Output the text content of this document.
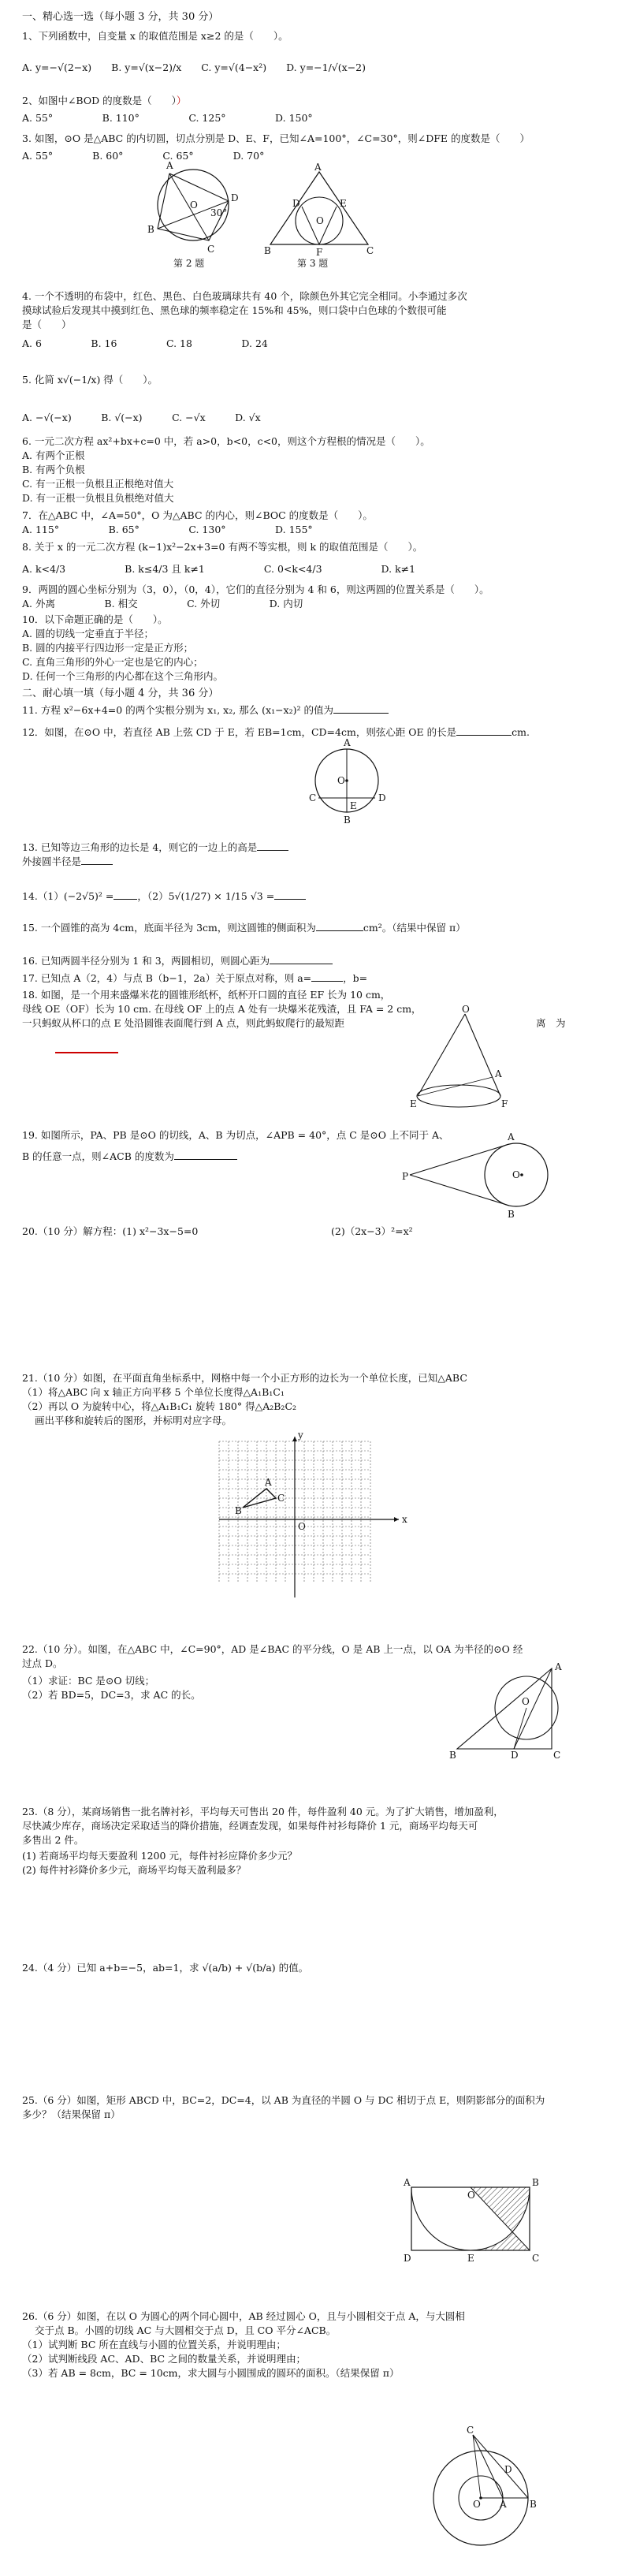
一、精心选一选（每小题 3 分，共 30 分）
1、下列函数中，自变量 x 的取值范围是 x≥2 的是（　　）。
A. y=−√(2−x)　　B. y=√(x−2)/x　　C. y=√(4−x²)　　D. y=−1/√(x−2)
2、如图中∠BOD 的度数是（　　））
A. 55°　　　　　B. 110°　　　　　C. 125°　　　　　D. 150°
3. 如图，⊙O 是△ABC 的内切圆，切点分别是 D、E、F，已知∠A=100°，∠C=30°，则∠DFE 的度数是（　　）
A. 55°　　　　B. 60°　　　　C. 65°　　　　D. 70°
A
B
C
D
O
30°
第 2 题
A
B	C
D	E
F
O
第 3 题
4. 一个不透明的布袋中，红色、黑色、白色玻璃球共有 40 个，除颜色外其它完全相同。小李通过多次
摸球试验后发现其中摸到红色、黑色球的频率稳定在 15%和 45%，则口袋中白色球的个数很可能
是（　　）
A. 6　　　　　B. 16　　　　　C. 18　　　　　D. 24
5. 化简 x√(−1/x) 得（　　）。
A. −√(−x)　　　B. √(−x)　　　C. −√x　　　D. √x
6. 一元二次方程 ax²+bx+c=0 中，若 a>0，b<0，c<0，则这个方程根的情况是（　　）。
A. 有两个正根
B. 有两个负根
C. 有一正根一负根且正根绝对值大
D. 有一正根一负根且负根绝对值大
7．在△ABC 中，∠A=50°，O 为△ABC 的内心，则∠BOC 的度数是（　　）。
A. 115°　　　　　B. 65°　　　　　C. 130°　　　　　D. 155°
8. 关于 x 的一元二次方程 (k−1)x²−2x+3=0 有两不等实根，则 k 的取值范围是（　　）。
A. k<4/3　　　　　　B. k≤4/3 且 k≠1　　　　　　C. 0<k<4/3　　　　　　D. k≠1
9．两圆的圆心坐标分别为（3，0），（0，4），它们的直径分别为 4 和 6，则这两圆的位置关系是（　　）。
A. 外离　　　　　B. 相交　　　　　C. 外切　　　　　D. 内切
10．以下命题正确的是（　　）。
A. 圆的切线一定垂直于半径；
B. 圆的内接平行四边形一定是正方形；
C. 直角三角形的外心一定也是它的内心；
D. 任何一个三角形的内心都在这个三角形内。
二、耐心填一填（每小题 4 分，共 36 分）
11. 方程 x²−6x+4=0 的两个实根分别为 x₁, x₂, 那么 (x₁−x₂)² 的值为
12．如图，在⊙O 中，若直径 AB 上弦 CD 于 E，若 EB=1cm，CD=4cm，则弦心距 OE 的长是	cm.
A
B
C	D
O
E
13. 已知等边三角形的边长是 4，则它的一边上的高是
外接圆半径是
14.（1）(−2√5)² = ，（2）5√(1/27) × 1/15 √3 =
15. 一个圆锥的高为 4cm，底面半径为 3cm，则这圆锥的侧面积为	cm²。（结果中保留 π）
16. 已知两圆半径分别为 1 和 3，两圆相切，则圆心距为
17. 已知点 A（2，4）与点 B（b−1，2a）关于原点对称，则 a=	，b=
18. 如图，是一个用来盛爆米花的圆锥形纸杯，纸杯开口圆的直径 EF 长为 10 cm，
母线 OE（OF）长为 10 cm. 在母线 OF 上的点 A 处有一块爆米花残渣，且 FA = 2 cm，
一只蚂蚁从杯口的点 E 处沿圆锥表面爬行到 A 点，则此蚂蚁爬行的最短距	离　为
O
A
E	F
19. 如图所示，PA、PB 是⊙O 的切线，A、B 为切点，∠APB = 40°，点 C 是⊙O 上不同于 A、
B 的任意一点，则∠ACB 的度数为
P
A
B
O
20.（10 分）解方程：(1) x²−3x−5=0	(2)（2x−3）²=x²
21.（10 分）如图，在平面直角坐标系中，网格中每一个小正方形的边长为一个单位长度，已知△ABC
（1）将△ABC 向 x 轴正方向平移 5 个单位长度得△A₁B₁C₁
（2）再以 O 为旋转中心，将△A₁B₁C₁ 旋转 180° 得△A₂B₂C₂
画出平移和旋转后的图形，并标明对应字母。
x
y
O
A
B
C
22.（10 分）。如图，在△ABC 中，∠C=90°，AD 是∠BAC 的平分线，O 是 AB 上一点，以 OA 为半径的⊙O 经
过点 D。
（1）求证：BC 是⊙O 切线；
（2）若 BD=5，DC=3，求 AC 的长。
A
B	C
D
O
23.（8 分），某商场销售一批名牌衬衫，平均每天可售出 20 件，每件盈利 40 元。为了扩大销售，增加盈利，
尽快减少库存，商场决定采取适当的降价措施，经调查发现，如果每件衬衫每降价 1 元，商场平均每天可
多售出 2 件。
(1) 若商场平均每天要盈利 1200 元，每件衬衫应降价多少元？
(2) 每件衬衫降价多少元，商场平均每天盈利最多？
24.（4 分）已知 a+b=−5，ab=1，求 √(a/b) + √(b/a) 的值。
25.（6 分）如图，矩形 ABCD 中，BC=2，DC=4，以 AB 为直径的半圆 O 与 DC 相切于点 E，则阴影部分的面积为
多少？（结果保留 π）
A	B
C
D	E
O
26.（6 分）如图，在以 O 为圆心的两个同心圆中，AB 经过圆心 O，且与小圆相交于点 A，与大圆相
交于点 B。小圆的切线 AC 与大圆相交于点 D，且 CO 平分∠ACB。
（1）试判断 BC 所在直线与小圆的位置关系，并说明理由；
（2）试判断线段 AC、AD、BC 之间的数量关系，并说明理由；
（3）若 AB = 8cm，BC = 10cm，求大圆与小圆围成的圆环的面积。（结果保留 π）
C
A B
D
O
